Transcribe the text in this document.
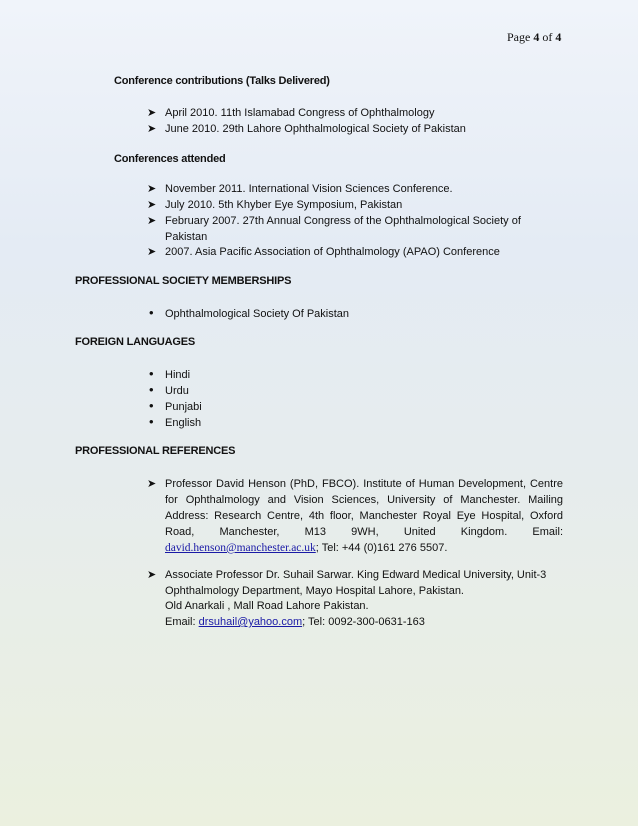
Page 4 of 4
Conference contributions (Talks Delivered)
➤ April 2010. 11th Islamabad Congress of Ophthalmology
➤ June 2010. 29th Lahore Ophthalmological Society of Pakistan
Conferences attended
➤ November 2011. International Vision Sciences Conference.
➤ July 2010. 5th Khyber Eye Symposium, Pakistan
➤ February 2007. 27th Annual Congress of the Ophthalmological Society of
Pakistan
➤ 2007. Asia Pacific Association of Ophthalmology (APAO) Conference
PROFESSIONAL SOCIETY MEMBERSHIPS
• Ophthalmological Society Of Pakistan
FOREIGN LANGUAGES
• Hindi
• Urdu
• Punjabi
• English
PROFESSIONAL REFERENCES
➤ Professor David Henson (PhD, FBCO). Institute of Human Development, Centre for Ophthalmology and Vision Sciences, University of Manchester. Mailing Address: Research Centre, 4th floor, Manchester Royal Eye Hospital, Oxford Road, Manchester, M13 9WH, United Kingdom. Email: david.henson@manchester.ac.uk; Tel: +44 (0)161 276 5507.
➤ Associate Professor Dr. Suhail Sarwar. King Edward Medical University, Unit-3
Ophthalmology Department, Mayo Hospital Lahore, Pakistan.
Old Anarkali , Mall Road Lahore Pakistan.
Email: drsuhail@yahoo.com; Tel: 0092-300-0631-163
